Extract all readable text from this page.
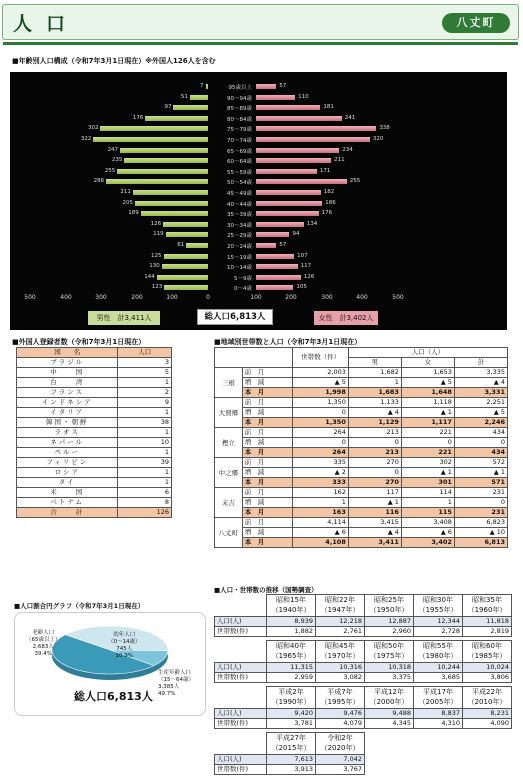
人口	八丈町
■年齢別人口構成（令和7年3月1日現在）※外国人126人を含む
7	57
95歳以上
51	110
90〜94歳
97	181
85〜89歳
176	241
80〜84歳
302	338
75〜79歳
322	320
70〜74歳
247	234
65〜69歳
235	211
60〜64歳
255	171
55〜59歳
286	255
50〜54歳
211	182
45〜49歳
205	186
40〜44歳
189	176
35〜39歳
126	134
30〜34歳
119	94
25〜29歳
61	57
20〜24歳
125	107
15〜19歳
130	117
10〜14歳
144	126
5〜9歳
123	105
0〜4歳
500	400	300	200	100	0	100	200	300	400	500
男性　計3,411人	総人口6,813人	女性　計3,402人
■外国人登録者数（令和7年3月1日現在）
国　　名	人口
ブラジル	3
中　　国	5
台　　湾	1
フランス	2
インドネシア	9
イタリア	1
韓国・朝鮮	38
ラオス	1
ネパール	10
ペルー	1
フィリピン	39
ロシア	1
タイ	1
米　　国	6
ベトナム	8
合　　計	126
■地域別世帯数と人口（令和7年3月1日現在）
		世帯数（件）	人口（人）		
			男	女	計
三根	前　月	2,003	1,682	1,653	3,335
	増　減	▲ 5	1	▲ 5	▲ 4
	本　月	1,998	1,683	1,648	3,331
大賀郷	前　月	1,350	1,133	1,118	2,251
	増　減	0	▲ 4	▲ 1	▲ 5
	本　月	1,350	1,129	1,117	2,246
樫立	前　月	264	213	221	434
	増　減	0	0	0	0
	本　月	264	213	221	434
中之郷	前　月	335	270	302	572
	増　減	▲ 2	0	▲ 1	▲ 1
	本　月	333	270	301	571
末吉	前　月	162	117	114	231
	増　減	1	▲ 1	1	0
	本　月	163	116	115	231
八丈町	前　月	4,114	3,415	3,408	6,823
	増　減	▲ 6	▲ 4	▲ 6	▲ 10
	本　月	4,108	3,411	3,402	6,813
■人口・世帯数の推移（国勢調査）
	昭和15年（1940年）	昭和22年（1947年）	昭和25年（1950年）	昭和30年（1955年）	昭和35年（1960年）
人口(人)	8,939	12,218	12,887	12,344	11,818
世帯数(件)	1,882	2,761	2,960	2,728	2,819
	昭和40年（1965年）	昭和45年（1970年）	昭和50年（1975年）	昭和55年（1980年）	昭和60年（1985年）
人口(人)	11,315	10,316	10,318	10,244	10,024
世帯数(件)	2,959	3,082	3,375	3,685	3,806
	平成2年（1990年）	平成7年（1995年）	平成12年（2000年）	平成17年（2005年）	平成22年（2010年）
人口(人)	9,420	9,476	9,488	8,837	8,231
世帯数(件)	3,781	4,079	4,345	4,310	4,090
	平成27年（2015年）	令和2年（2020年）
人口(人)	7,613	7,042
世帯数(件)	3,913	3,767
■人口割合円グラフ（令和7年3月1日現在）
老齢人口
（65歳以上）
2,683人
39.4%
幼年人口
（0〜14歳）
745人
10.9%
生産年齢人口
（15〜64歳）
3,385人
49.7%
総人口6,813人
